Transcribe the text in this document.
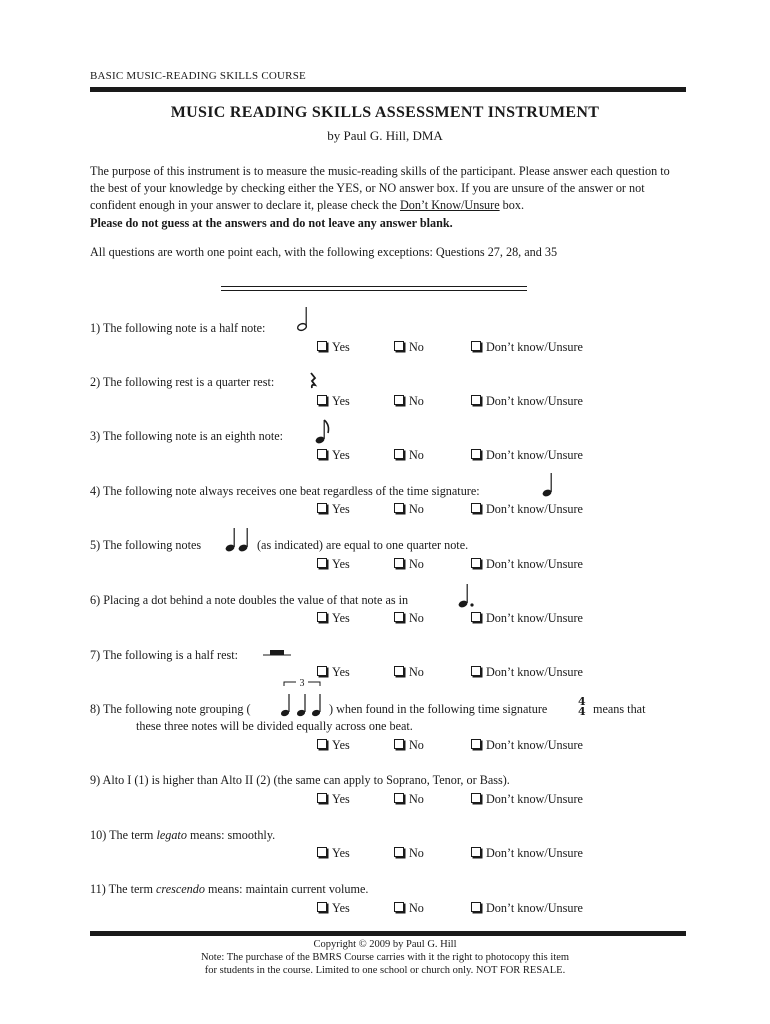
BASIC MUSIC-READING SKILLS COURSE
MUSIC READING SKILLS ASSESSMENT INSTRUMENT
by Paul G. Hill, DMA
The purpose of this instrument is to measure the music-reading skills of the participant. Please answer each question to the best of your knowledge by checking either the YES, or NO answer box. If you are unsure of the answer or not confident enough in your answer to declare it, please check the Don’t Know/Unsure box.
Please do not guess at the answers and do not leave any answer blank.
All questions are worth one point each, with the following exceptions: Questions 27, 28, and 35
1) The following note is a half note:
2) The following rest is a quarter rest:
3) The following note is an eighth note:
4) The following note always receives one beat regardless of the time signature:
5) The following notes	(as indicated) are equal to one quarter note.
6) Placing a dot behind a note doubles the value of that note as in
7) The following is a half rest:
8) The following note grouping (
3
) when found in the following time signature
4
4 means that
these three notes will be divided equally across one beat.
9) Alto I (1) is higher than Alto II (2) (the same can apply to Soprano, Tenor, or Bass).
10) The term legato means: smoothly.
11) The term crescendo means: maintain current volume.
Yes	No	Don’t know/Unsure
Yes	No	Don’t know/Unsure
Yes	No	Don’t know/Unsure
Yes	No	Don’t know/Unsure
Yes	No	Don’t know/Unsure
Yes	No	Don’t know/Unsure
Yes	No	Don’t know/Unsure
Yes	No	Don’t know/Unsure
Yes	No	Don’t know/Unsure
Yes	No	Don’t know/Unsure
Yes	No	Don’t know/Unsure
Copyright © 2009 by Paul G. Hill
Note: The purchase of the BMRS Course carries with it the right to photocopy this item
for students in the course. Limited to one school or church only. NOT FOR RESALE.
